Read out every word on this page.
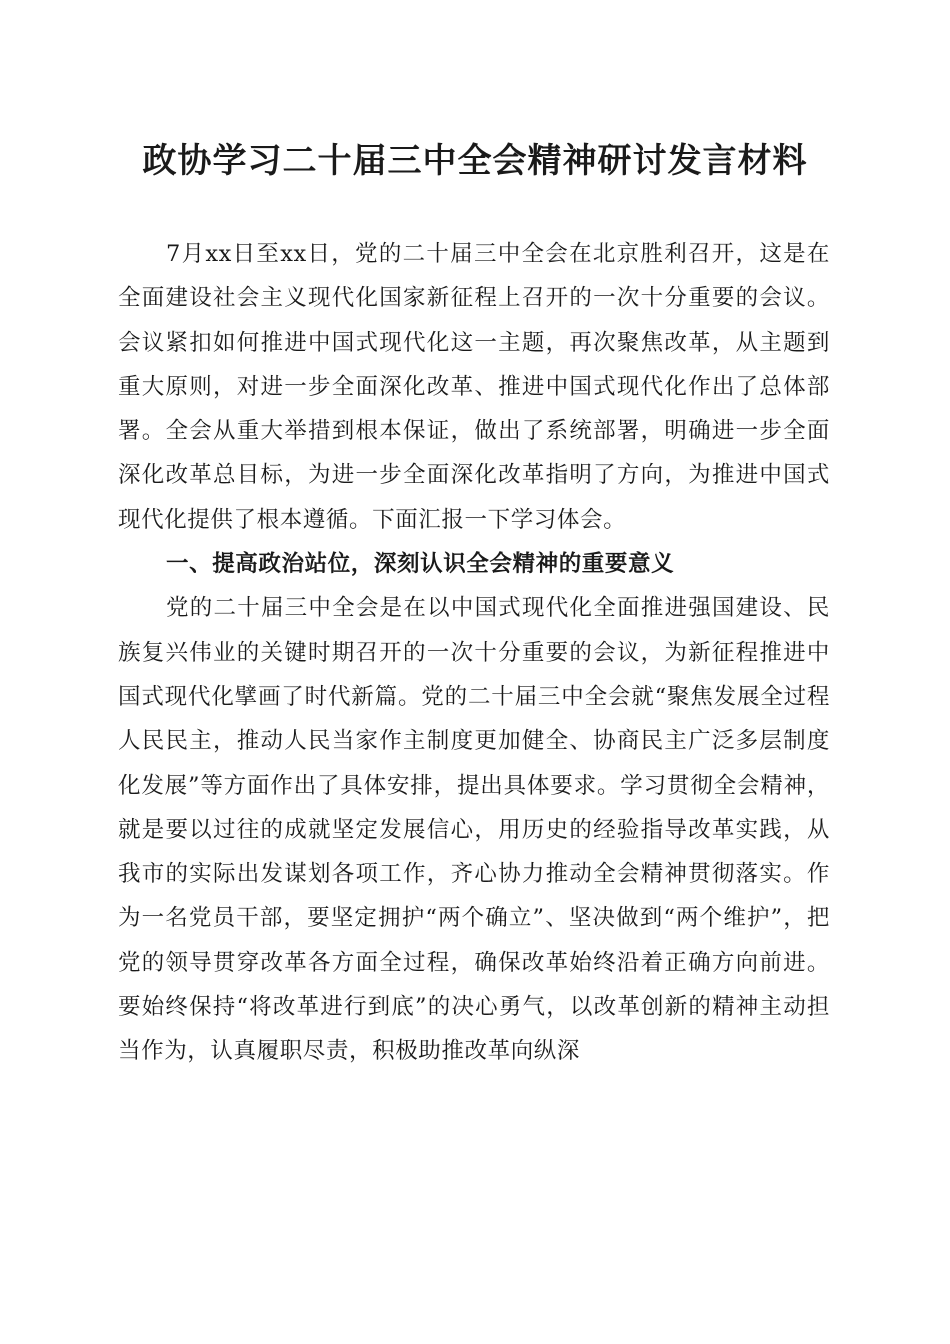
政协学习二十届三中全会精神研讨发言材料

7月xx日至xx日，党的二十届三中全会在北京胜利召开，这是在全面建设社会主义现代化国家新征程上召开的一次十分重要的会议。会议紧扣如何推进中国式现代化这一主题，再次聚焦改革，从主题到重大原则，对进一步全面深化改革、推进中国式现代化作出了总体部署。全会从重大举措到根本保证，做出了系统部署，明确进一步全面深化改革总目标，为进一步全面深化改革指明了方向，为推进中国式现代化提供了根本遵循。下面汇报一下学习体会。

一、提高政治站位，深刻认识全会精神的重要意义

党的二十届三中全会是在以中国式现代化全面推进强国建设、民族复兴伟业的关键时期召开的一次十分重要的会议，为新征程推进中国式现代化擘画了时代新篇。党的二十届三中全会就“聚焦发展全过程人民民主，推动人民当家作主制度更加健全、协商民主广泛多层制度化发展”等方面作出了具体安排，提出具体要求。学习贯彻全会精神，就是要以过往的成就坚定发展信心，用历史的经验指导改革实践，从我市的实际出发谋划各项工作，齐心协力推动全会精神贯彻落实。作为一名党员干部，要坚定拥护“两个确立”、坚决做到“两个维护”，把党的领导贯穿改革各方面全过程，确保改革始终沿着正确方向前进。要始终保持“将改革进行到底”的决心勇气，以改革创新的精神主动担当作为，认真履职尽责，积极助推改革向纵深
